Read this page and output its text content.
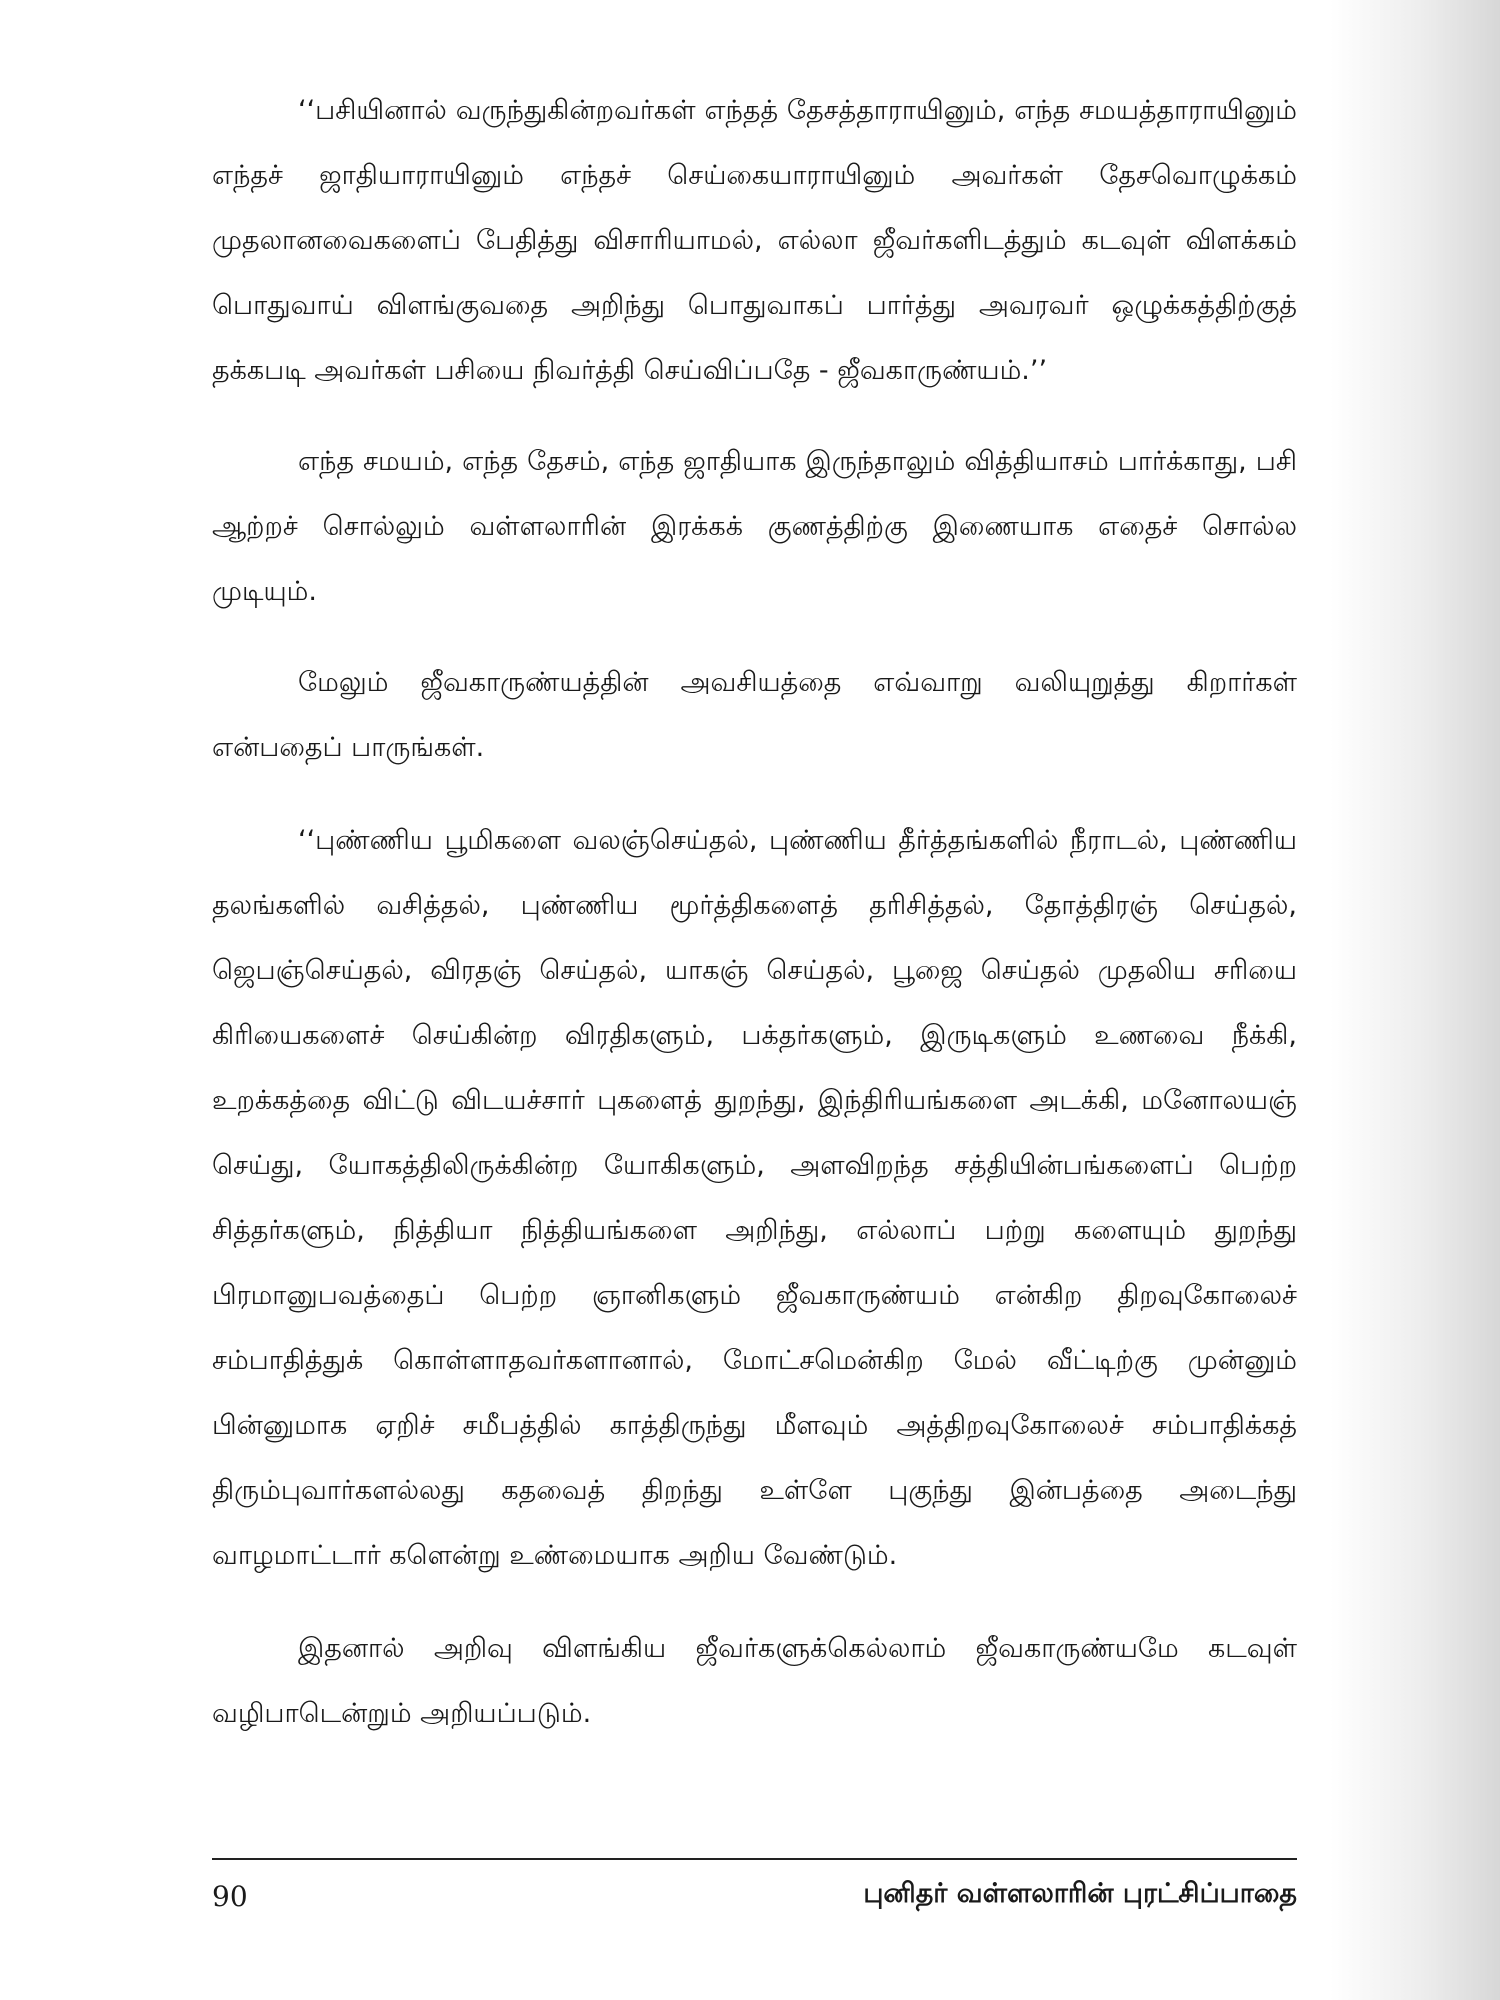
‘‘பசியினால் வருந்துகின்றவர்கள் எந்தத் தேசத்தாராயினும், எந்த சமயத்தாராயினும் எந்தச் ஜாதியாராயினும் எந்தச் செய்கையாராயினும் அவர்கள் தேசவொழுக்கம் முதலானவைகளைப் பேதித்து விசாரியாமல், எல்லா ஜீவர்களிடத்தும் கடவுள் விளக்கம் பொதுவாய் விளங்குவதை அறிந்து பொதுவாகப் பார்த்து அவரவர் ஒழுக்கத்திற்குத் தக்கபடி அவர்கள் பசியை நிவர்த்தி செய்விப்பதே - ஜீவகாருண்யம்.’’

எந்த சமயம், எந்த தேசம், எந்த ஜாதியாக இருந்தாலும் வித்தியாசம் பார்க்காது, பசி ஆற்றச் சொல்லும் வள்ளலாரின் இரக்கக் குணத்திற்கு இணையாக எதைச் சொல்ல முடியும்.

மேலும் ஜீவகாருண்யத்தின் அவசியத்தை எவ்வாறு வலியுறுத்து கிறார்கள் என்பதைப் பாருங்கள்.

‘‘புண்ணிய பூமிகளை வலஞ்செய்தல், புண்ணிய தீர்த்தங்களில் நீராடல், புண்ணிய தலங்களில் வசித்தல், புண்ணிய மூர்த்திகளைத் தரிசித்தல், தோத்திரஞ் செய்தல், ஜெபஞ்செய்தல், விரதஞ் செய்தல், யாகஞ் செய்தல், பூஜை செய்தல் முதலிய சரியை கிரியைகளைச் செய்கின்ற விரதிகளும், பக்தர்களும், இருடிகளும் உணவை நீக்கி, உறக்கத்தை விட்டு விடயச்சார் புகளைத் துறந்து, இந்திரியங்களை அடக்கி, மனோலயஞ் செய்து, யோகத்திலிருக்கின்ற யோகிகளும், அளவிறந்த சத்தியின்பங்களைப் பெற்ற சித்தர்களும், நித்தியா நித்தியங்களை அறிந்து, எல்லாப் பற்று களையும் துறந்து பிரமானுபவத்தைப் பெற்ற ஞானிகளும் ஜீவகாருண்யம் என்கிற திறவுகோலைச் சம்பாதித்துக் கொள்ளாதவர்களானால், மோட்சமென்கிற மேல் வீட்டிற்கு முன்னும் பின்னுமாக ஏறிச் சமீபத்தில் காத்திருந்து மீளவும் அத்திறவுகோலைச் சம்பாதிக்கத் திரும்புவார்களல்லது கதவைத் திறந்து உள்ளே புகுந்து இன்பத்தை அடைந்து வாழமாட்டார் களென்று உண்மையாக அறிய வேண்டும்.

இதனால் அறிவு விளங்கிய ஜீவர்களுக்கெல்லாம் ஜீவகாருண்யமே கடவுள் வழிபாடென்றும் அறியப்படும்.

90	புனிதர் வள்ளலாரின் புரட்சிப்பாதை
